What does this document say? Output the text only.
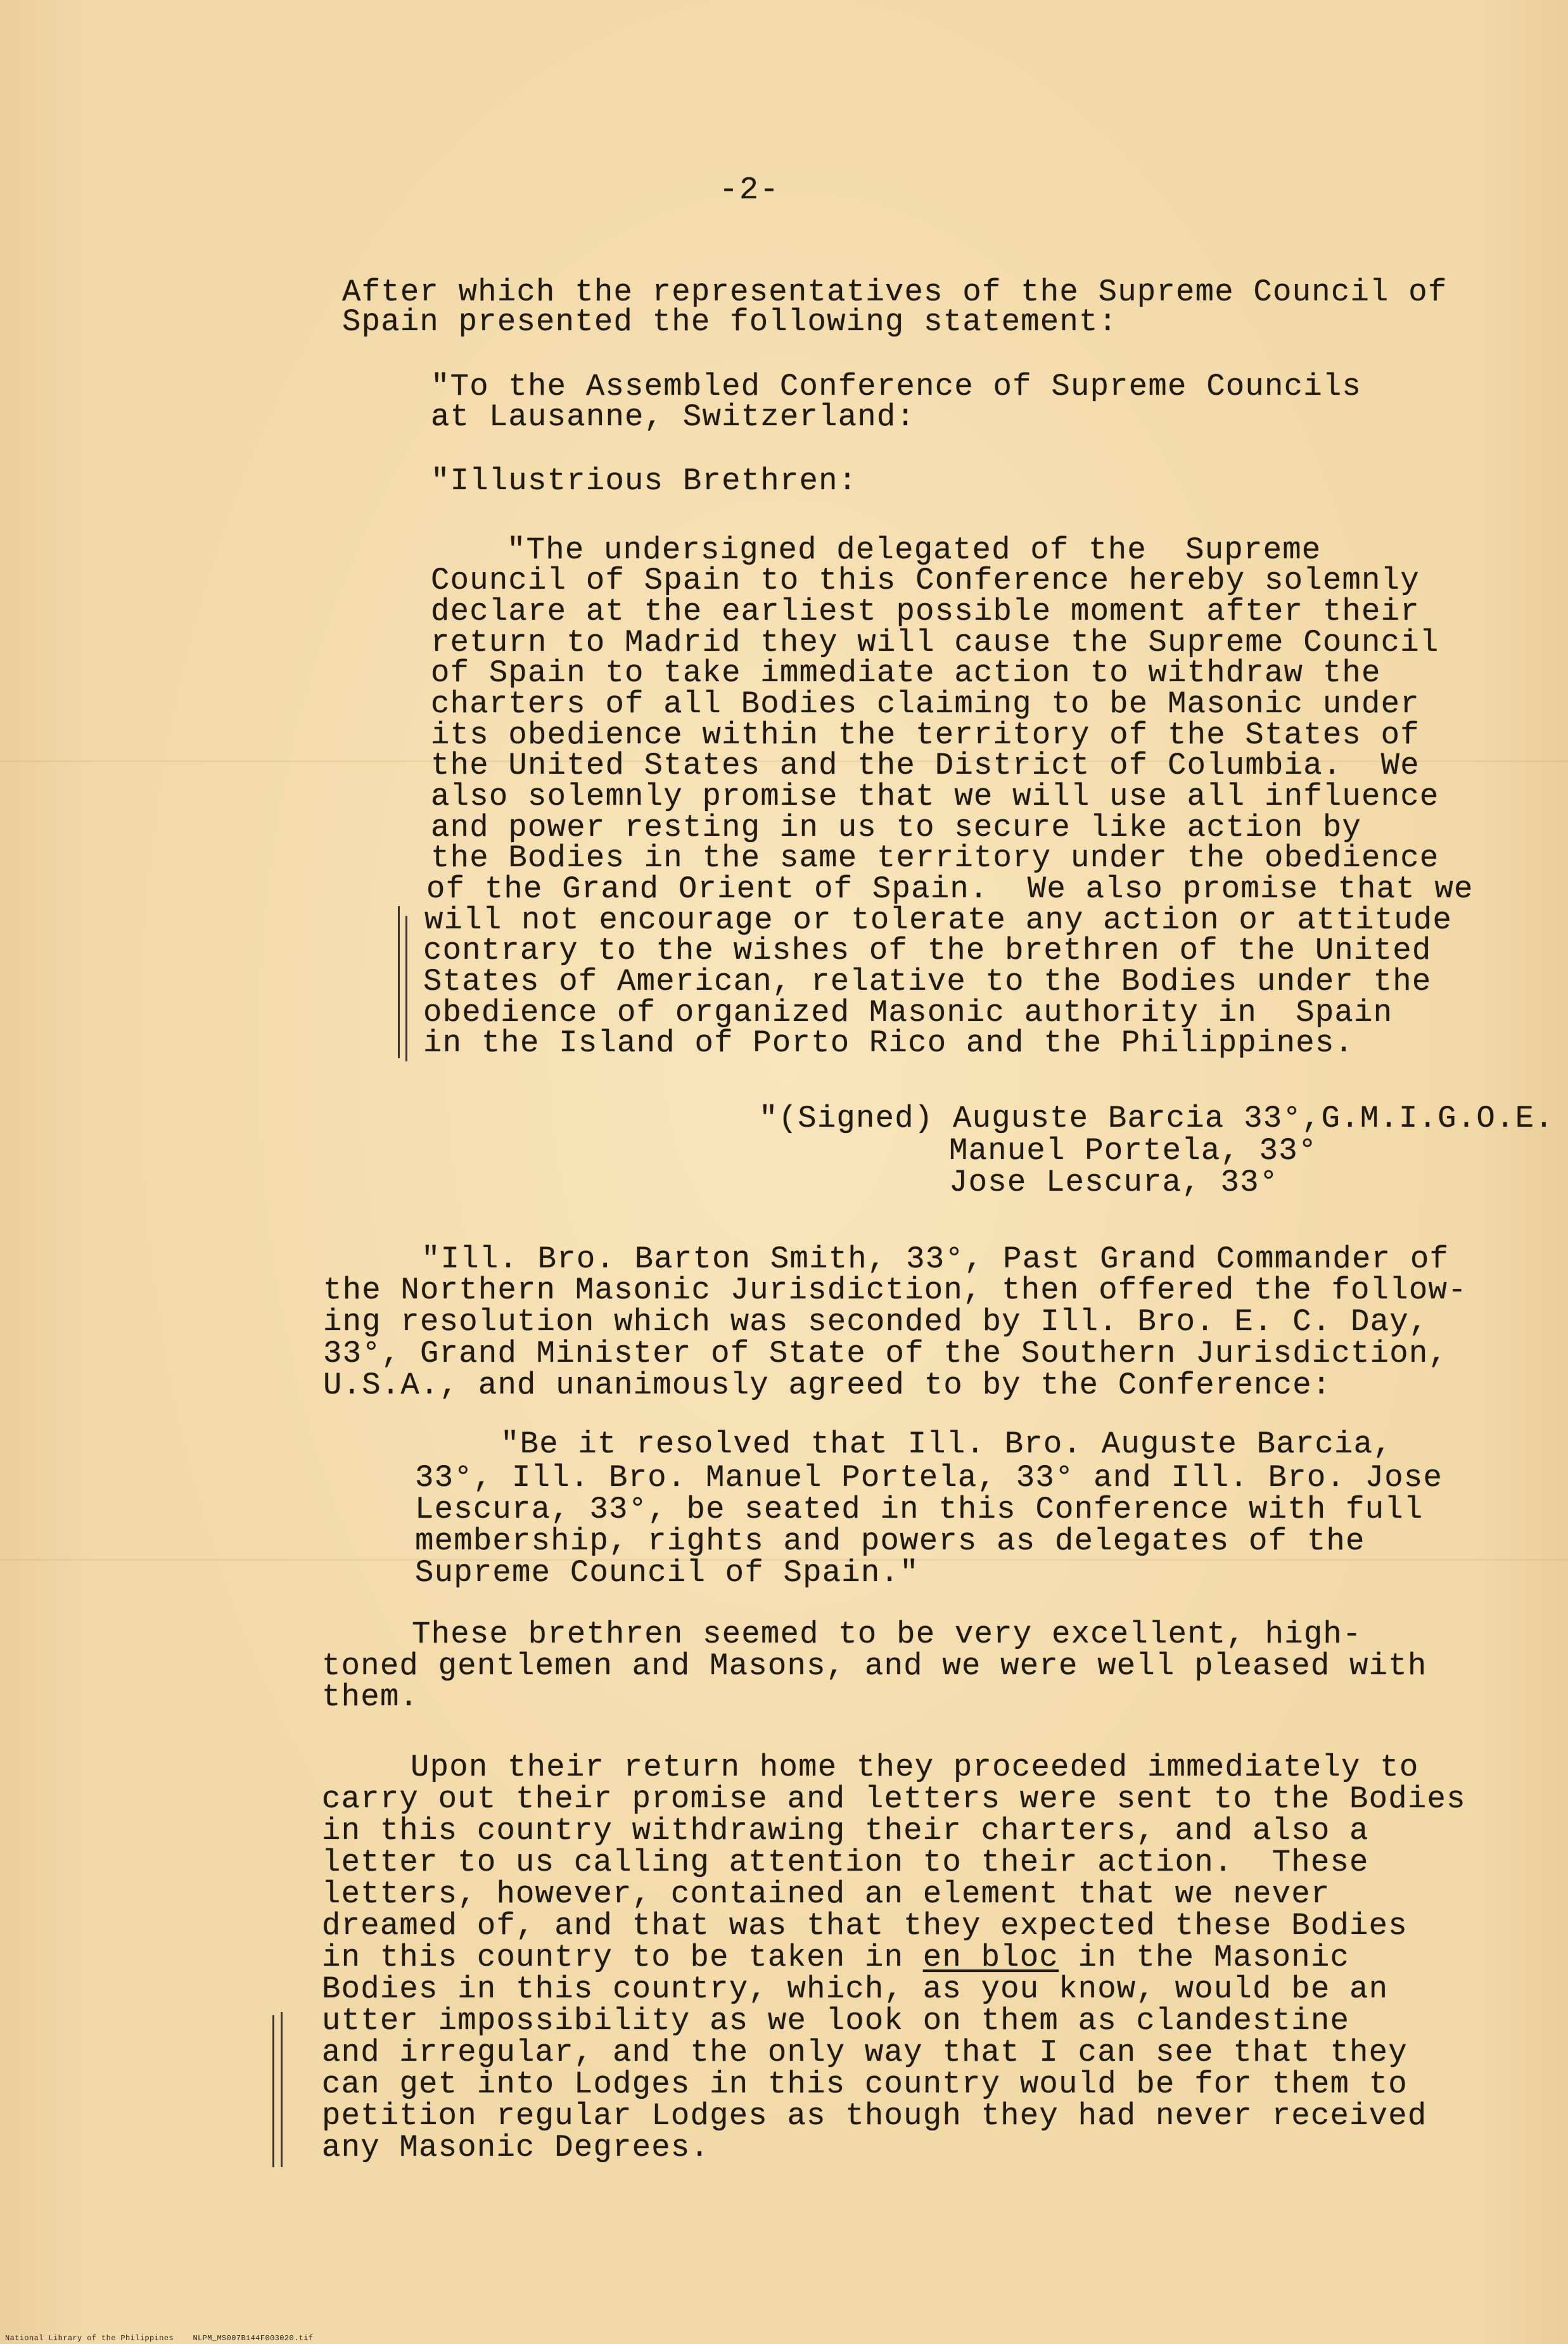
-2-

After which the representatives of the Supreme Council of

Spain presented the following statement:

"To the Assembled Conference of Supreme Councils

at Lausanne, Switzerland:

"Illustrious Brethren:

"The undersigned delegated of the  Supreme

Council of Spain to this Conference hereby solemnly

declare at the earliest possible moment after their

return to Madrid they will cause the Supreme Council

of Spain to take immediate action to withdraw the

charters of all Bodies claiming to be Masonic under

its obedience within the territory of the States of

the United States and the District of Columbia.  We

also solemnly promise that we will use all influence

and power resting in us to secure like action by

the Bodies in the same territory under the obedience

of the Grand Orient of Spain.  We also promise that we

will not encourage or tolerate any action or attitude

contrary to the wishes of the brethren of the United

States of American, relative to the Bodies under the

obedience of organized Masonic authority in  Spain

in the Island of Porto Rico and the Philippines.

"(Signed) Auguste Barcia 33°,G.M.I.G.O.E.

Manuel Portela, 33°

Jose Lescura, 33°

"Ill. Bro. Barton Smith, 33°, Past Grand Commander of

the Northern Masonic Jurisdiction, then offered the follow-

ing resolution which was seconded by Ill. Bro. E. C. Day,

33°, Grand Minister of State of the Southern Jurisdiction,

U.S.A., and unanimously agreed to by the Conference:

"Be it resolved that Ill. Bro. Auguste Barcia,

33°, Ill. Bro. Manuel Portela, 33° and Ill. Bro. Jose

Lescura, 33°, be seated in this Conference with full

membership, rights and powers as delegates of the

Supreme Council of Spain."

These brethren seemed to be very excellent, high-

toned gentlemen and Masons, and we were well pleased with

them.

Upon their return home they proceeded immediately to

carry out their promise and letters were sent to the Bodies

in this country withdrawing their charters, and also a

letter to us calling attention to their action.  These

letters, however, contained an element that we never

dreamed of, and that was that they expected these Bodies

in this country to be taken in en bloc in the Masonic

Bodies in this country, which, as you know, would be an

utter impossibility as we look on them as clandestine

and irregular, and the only way that I can see that they

can get into Lodges in this country would be for them to

petition regular Lodges as though they had never received

any Masonic Degrees.

National Library of the Philippines    NLPM_MS007B144F003020.tif
